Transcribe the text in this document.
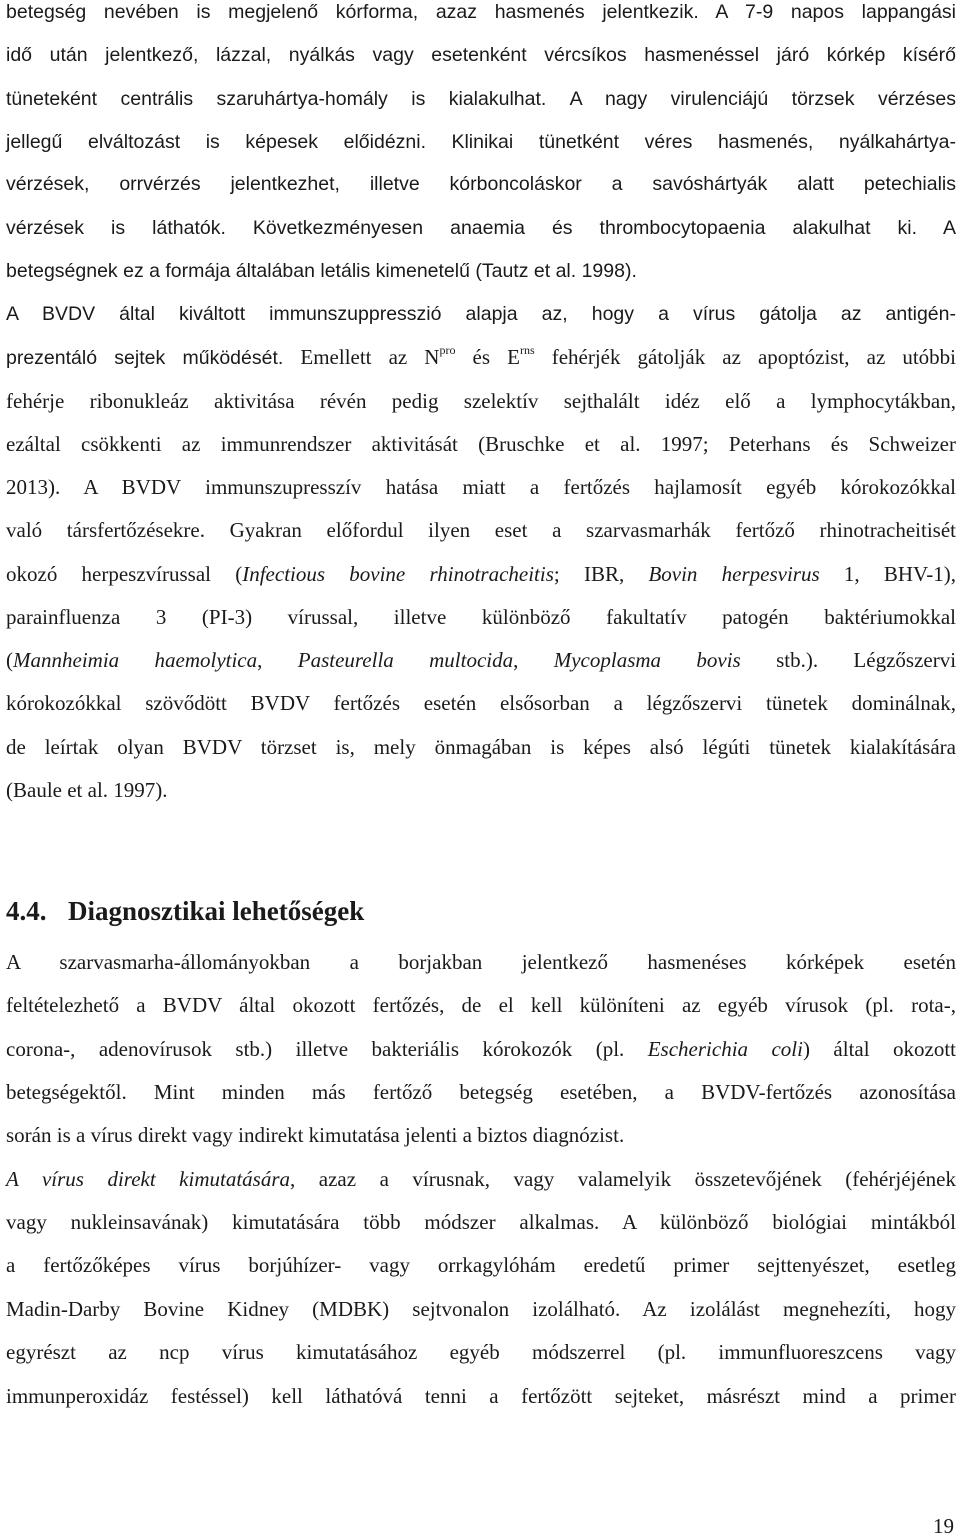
betegség nevében is megjelenő kórforma, azaz hasmenés jelentkezik. A 7-9 napos lappangási

idő után jelentkező, lázzal, nyálkás vagy esetenként vércsíkos hasmenéssel járó kórkép kísérő

tüneteként centrális szaruhártya-homály is kialakulhat. A nagy virulenciájú törzsek vérzéses

jellegű elváltozást is képesek előidézni. Klinikai tünetként véres hasmenés, nyálkahártya-

vérzések, orrvérzés jelentkezhet, illetve kórboncoláskor a savóshártyák alatt petechialis

vérzések is láthatók. Következményesen anaemia és thrombocytopaenia alakulhat ki. A

betegségnek ez a formája általában letális kimenetelű (Tautz et al. 1998).

A BVDV által kiváltott immunszuppresszió alapja az, hogy a vírus gátolja az antigén-

prezentáló sejtek működését. Emellett az $N^{pro}$ és $E^{rns}$ fehérjék gátolják az apoptózist, az utóbbi

fehérje ribonukleáz aktivitása révén pedig szelektív sejthalált idéz elő a lymphocytákban,

ezáltal csökkenti az immunrendszer aktivitását (Bruschke et al. 1997; Peterhans és Schweizer

2013). A BVDV immunszupresszív hatása miatt a fertőzés hajlamosít egyéb kórokozókkal

való társfertőzésekre. Gyakran előfordul ilyen eset a szarvasmarhák fertőző rhinotracheitisét

okozó herpeszvírussal (Infectious bovine rhinotracheitis; IBR, Bovin herpesvirus 1, BHV-1),

parainfluenza 3 (PI-3) vírussal, illetve különböző fakultatív patogén baktériumokkal

(Mannheimia haemolytica, Pasteurella multocida, Mycoplasma bovis stb.). Légzőszervi

kórokozókkal szövődött BVDV fertőzés esetén elsősorban a légzőszervi tünetek dominálnak,

de leírtak olyan BVDV törzset is, mely önmagában is képes alsó légúti tünetek kialakítására

(Baule et al. 1997).

4.4. Diagnosztikai lehetőségek

A szarvasmarha-állományokban a borjakban jelentkező hasmenéses kórképek esetén

feltételezhető a BVDV által okozott fertőzés, de el kell különíteni az egyéb vírusok (pl. rota-,

corona-, adenovírusok stb.) illetve bakteriális kórokozók (pl. Escherichia coli) által okozott

betegségektől. Mint minden más fertőző betegség esetében, a BVDV-fertőzés azonosítása

során is a vírus direkt vagy indirekt kimutatása jelenti a biztos diagnózist.

A vírus direkt kimutatására, azaz a vírusnak, vagy valamelyik összetevőjének (fehérjéjének

vagy nukleinsavának) kimutatására több módszer alkalmas. A különböző biológiai mintákból

a fertőzőképes vírus borjúhízer- vagy orrkagylóhám eredetű primer sejttenyészet, esetleg

Madin-Darby Bovine Kidney (MDBK) sejtvonalon izolálható. Az izolálást megnehezíti, hogy

egyrészt az ncp vírus kimutatásához egyéb módszerrel (pl. immunfluoreszcens vagy

immunperoxidáz festéssel) kell láthatóvá tenni a fertőzött sejteket, másrészt mind a primer

19
